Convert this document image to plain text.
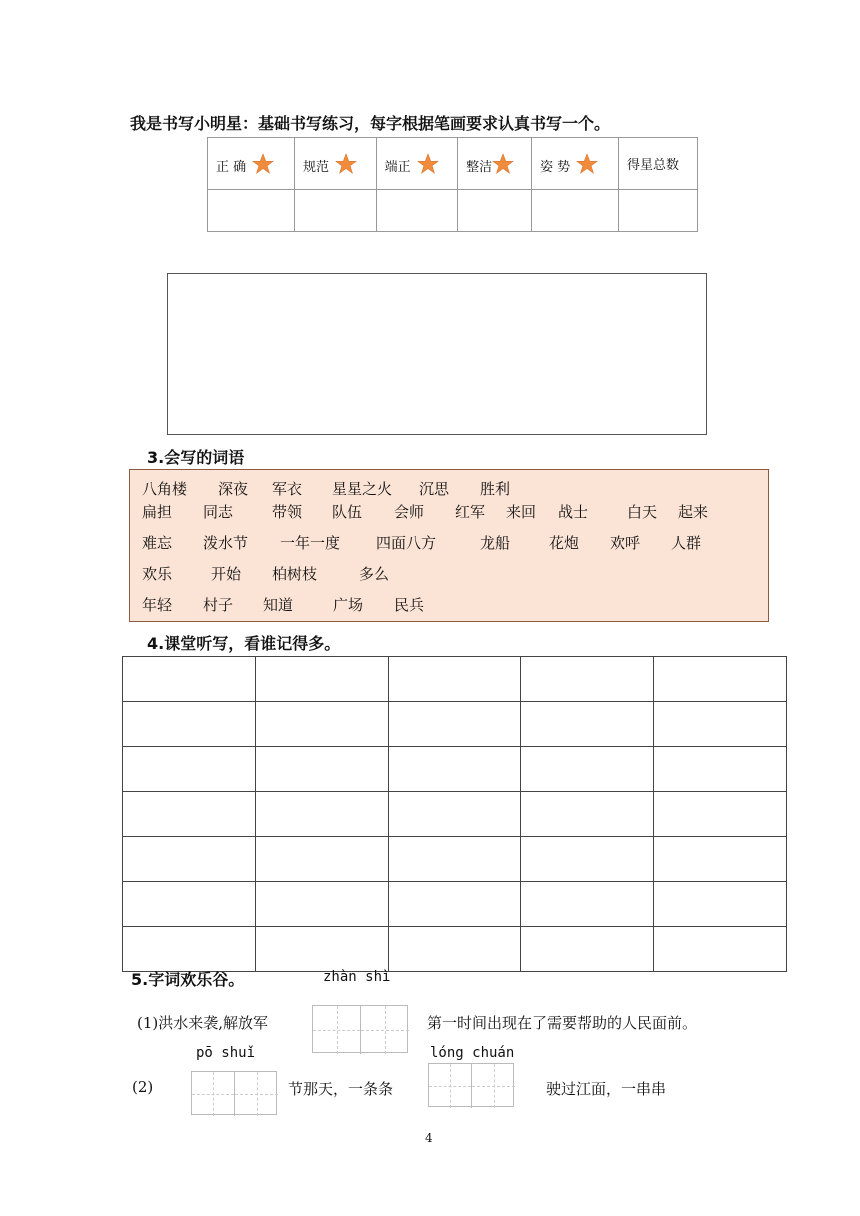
我是书写小明星：基础书写练习，每字根据笔画要求认真书写一个。
正 确	规范	端正	整洁	姿 势	得星总数

3.会写的词语
八角楼 深夜 军衣 星星之火 沉思 胜利
扁担 同志	带领 队伍 会师 红军 来回 战士	白天 起来
难忘 泼水节 一年一度 四面八方	龙船	花炮 欢呼 人群
欢乐	开始 柏树枝	多么
年轻 村子 知道	广场 民兵
4.课堂听写，看谁记得多。

5.字词欢乐谷。	zhàn shì
(1)洪水来袭,解放军	第一时间出现在了需要帮助的人民面前。
pō shuǐ	lóng chuán
(2)	节那天，一条条	驶过江面，一串串
4
